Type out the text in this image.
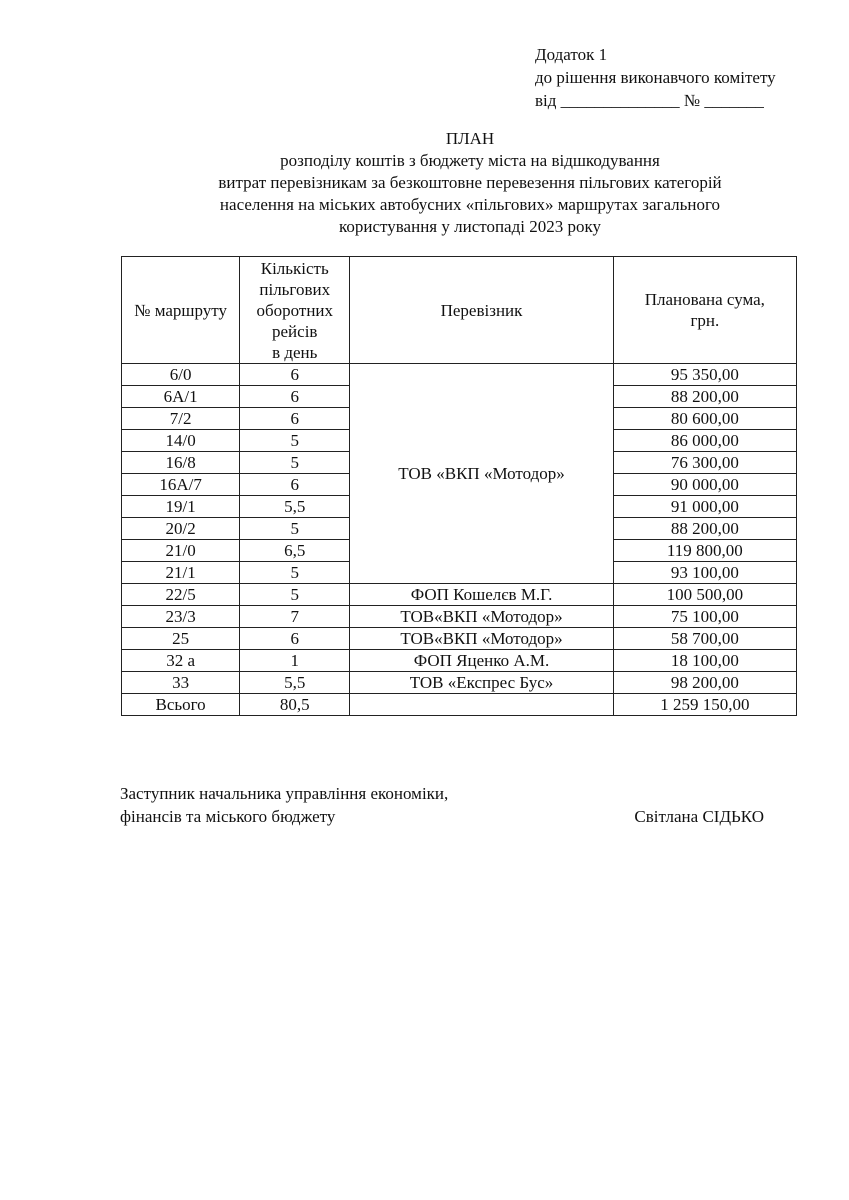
Додаток 1
до рішення виконавчого комітету
від ______________ № _______
ПЛАН
розподілу коштів з бюджету міста на відшкодування
витрат перевізникам за безкоштовне перевезення пільгових категорій
населення на міських автобусних «пільгових» маршрутах загального
користування у листопаді 2023 року
№ маршруту	Кількість
пільгових
оборотних
рейсів
в день	Перевізник	Планована сума,
грн.
6/0	6	ТОВ «ВКП «Мотодор»	95 350,00
6А/1	6		88 200,00
7/2	6		80 600,00
14/0	5		86 000,00
16/8	5		76 300,00
16А/7	6		90 000,00
19/1	5,5		91 000,00
20/2	5		88 200,00
21/0	6,5		119 800,00
21/1	5		93 100,00
22/5	5	ФОП Кошелєв М.Г.	100 500,00
23/3	7	ТОВ«ВКП «Мотодор»	75 100,00
25	6	ТОВ«ВКП «Мотодор»	58 700,00
32 а	1	ФОП Яценко А.М.	18 100,00
33	5,5	ТОВ «Експрес Бус»	98 200,00
Всього	80,5		1 259 150,00
Заступник начальника управління економіки,
фінансів та міського бюджету	Світлана СІДЬКО
